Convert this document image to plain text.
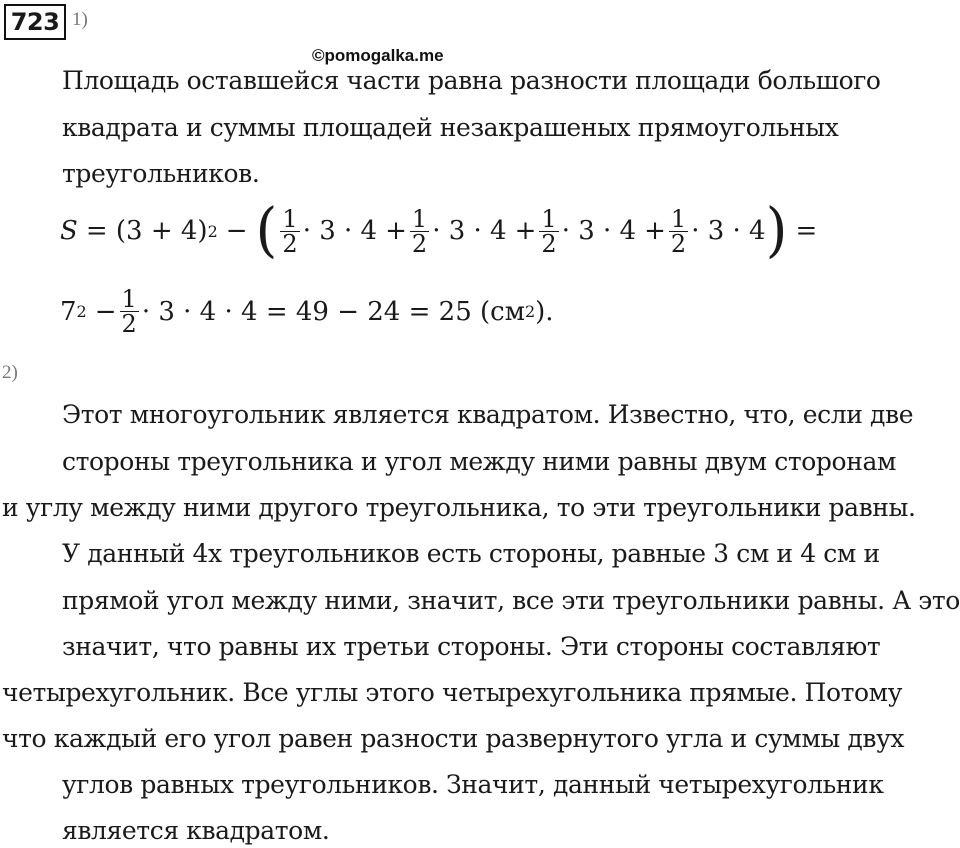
723 1)
©pomogalka.me
Площадь оставшейся части равна разности площади большого
квадрата и суммы площадей незакрашеных прямоугольных
треугольников.
S = (3 + 4) 2 − ( $\frac{1}{2} \cdot 3 \cdot 4 + \frac{1}{2} \cdot 3 \cdot 4 + \frac{1}{2} \cdot 3 \cdot 4 + \frac{1}{2} \cdot 3 \cdot 4$ ) =
7 $2 - \frac{1}{2} \cdot 3 \cdot 4 \cdot 4 = 49 - 24 = 25$ (см 2 ).
2)
Этот многоугольник является квадратом. Известно, что, если две
стороны треугольника и угол между ними равны двум сторонам
и углу между ними другого треугольника, то эти треугольники равны.
У данный 4х треугольников есть стороны, равные 3 см и 4 см и
прямой угол между ними, значит, все эти треугольники равны. А это
значит, что равны их третьи стороны. Эти стороны составляют
четырехугольник. Все углы этого четырехугольника прямые. Потому
что каждый его угол равен разности развернутого угла и суммы двух
углов равных треугольников. Значит, данный четырехугольник
является квадратом.
